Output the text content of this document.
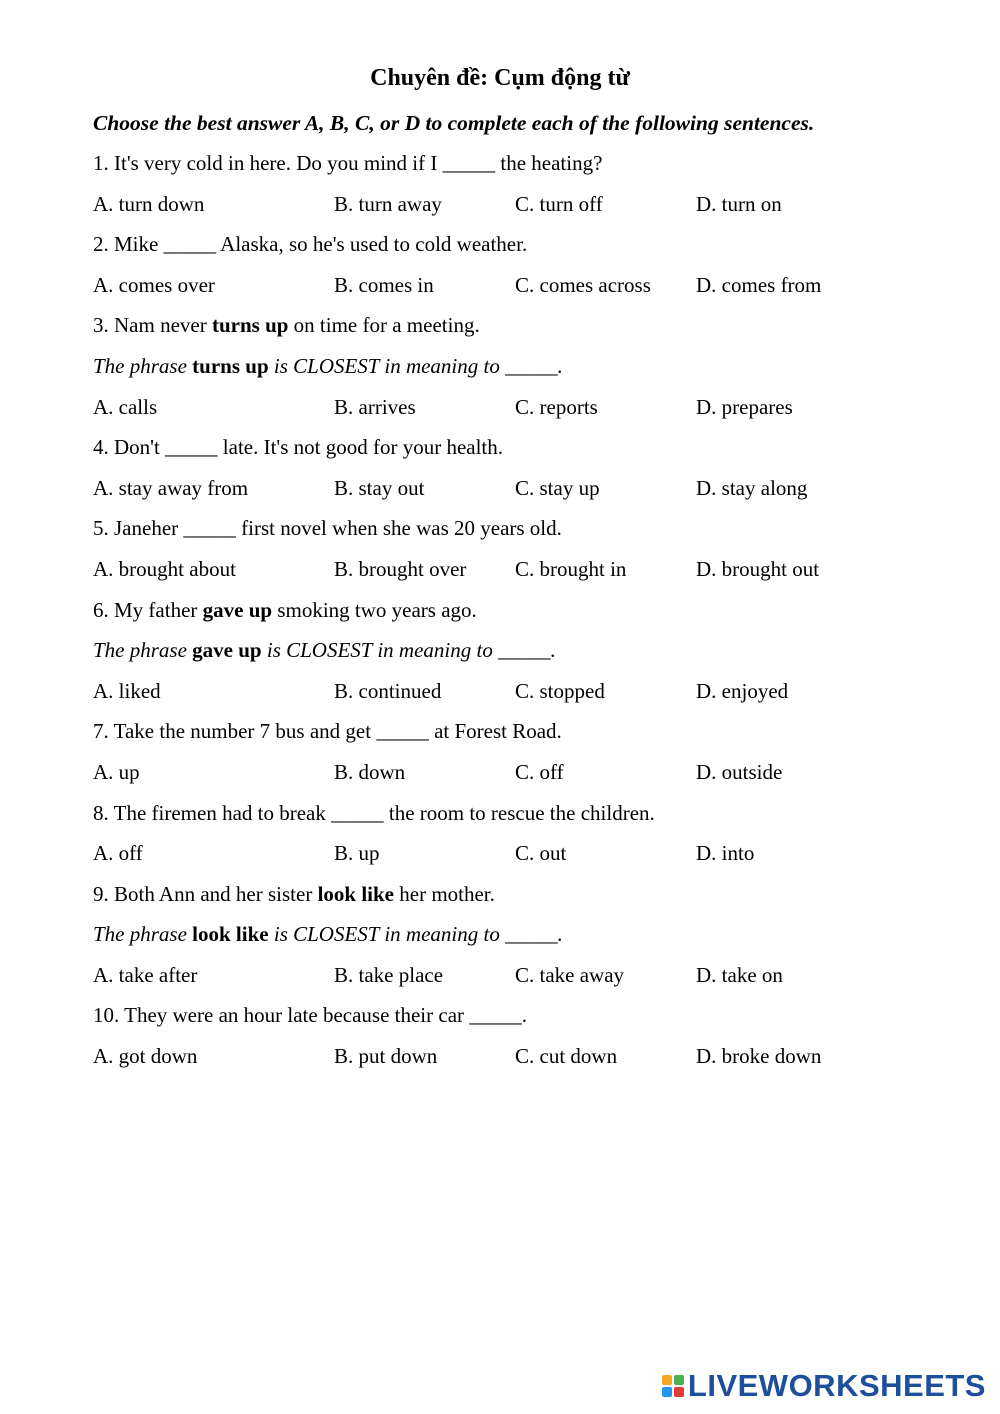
Chuyên đề: Cụm động từ
Choose the best answer A, B, C, or D to complete each of the following sentences.
1. It's very cold in here. Do you mind if I _____ the heating?
A. turn down	B. turn away	C. turn off	D. turn on
2. Mike _____ Alaska, so he's used to cold weather.
A. comes over	B. comes in	C. comes across	D. comes from
3. Nam never turns up on time for a meeting.
The phrase turns up is CLOSEST in meaning to _____.
A. calls	B. arrives	C. reports	D. prepares
4. Don't _____ late. It's not good for your health.
A. stay away from	B. stay out	C. stay up	D. stay along
5. Janeher _____ first novel when she was 20 years old.
A. brought about	B. brought over	C. brought in	D. brought out
6. My father gave up smoking two years ago.
The phrase gave up is CLOSEST in meaning to _____.
A. liked	B. continued	C. stopped	D. enjoyed
7. Take the number 7 bus and get _____ at Forest Road.
A. up	B. down	C. off	D. outside
8. The firemen had to break _____ the room to rescue the children.
A. off	B. up	C. out	D. into
9. Both Ann and her sister look like her mother.
The phrase look like is CLOSEST in meaning to _____.
A. take after	B. take place	C. take away	D. take on
10. They were an hour late because their car _____.
A. got down	B. put down	C. cut down	D. broke down
LIVEWORKSHEETS
